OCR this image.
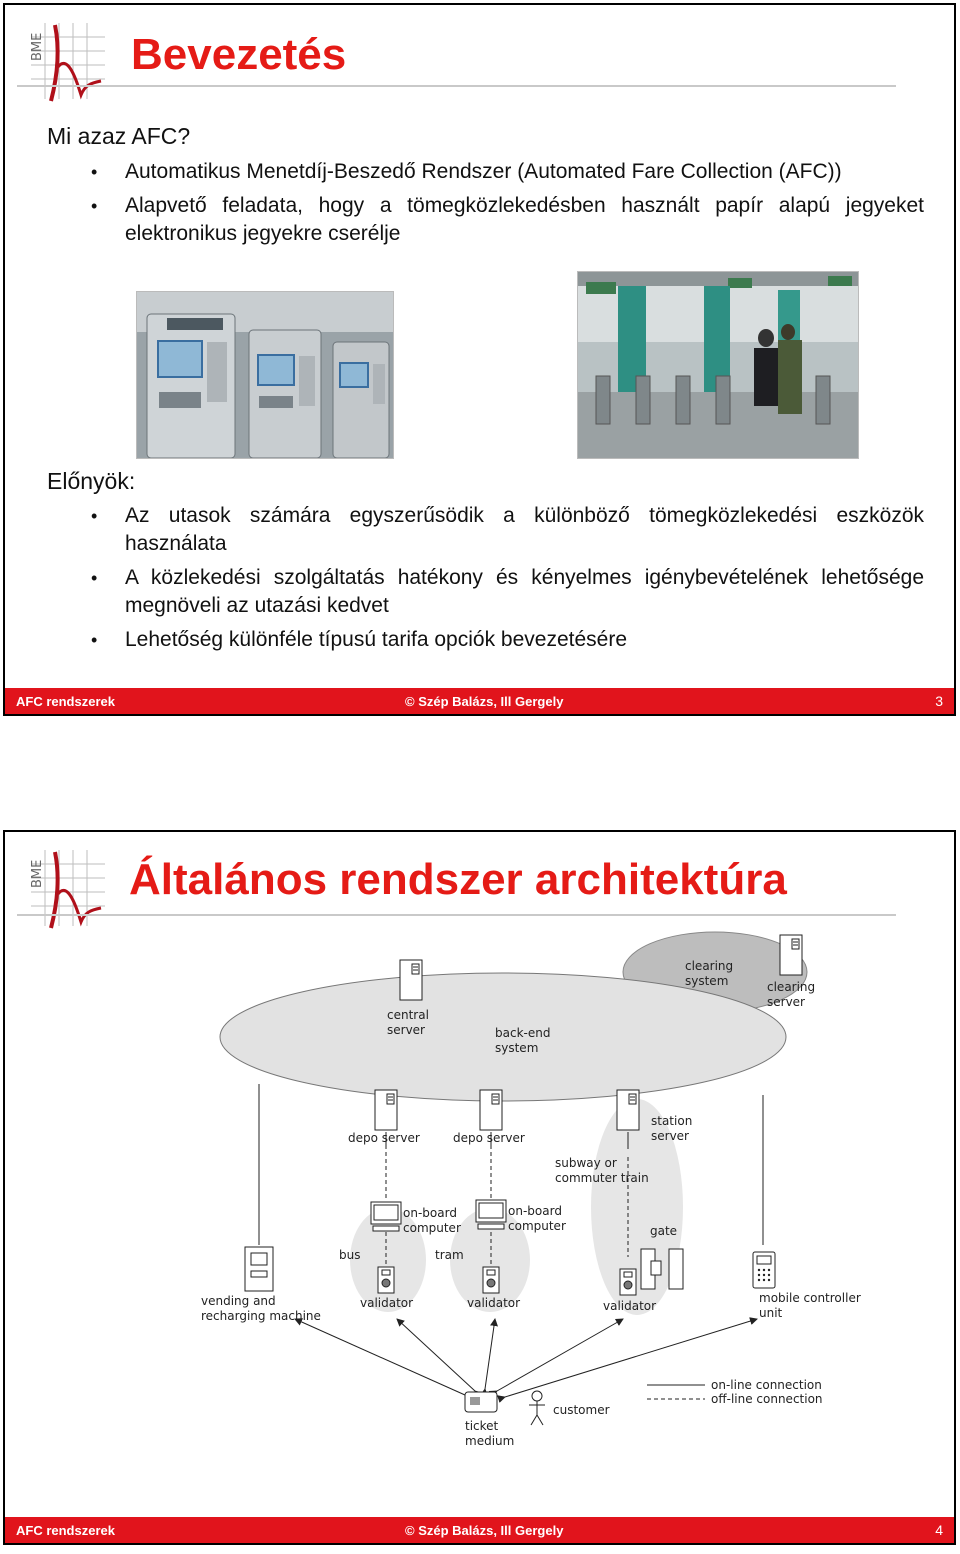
BME Bevezetés
Mi azaz AFC?
• Automatikus Menetdíj-Beszedő Rendszer (Automated Fare Collection (AFC))
• Alapvető feladata, hogy a tömegközlekedésben használt papír alapú jegyeket elektronikus jegyekre cserélje
Előnyök:
• Az utasok számára egyszerűsödik a különböző tömegközlekedési eszközök használata
• A közlekedési szolgáltatás hatékony és kényelmes igénybevételének lehetősége megnöveli az utazási kedvet
• Lehetőség különféle típusú tarifa opciók bevezetésére
AFC rendszerek	© Szép Balázs, Ill Gergely	3
BME Általános rendszer architektúra
clearing system	clearing server
central server	back-end system
depo server	depo server
station server
subway or commuter train
on-board computer
on-board computer
bus	tram
gate
validator	validator	validator
vending and recharging machine
mobile controller unit
ticket medium
customer
on-line connection
off-line connection
AFC rendszerek	© Szép Balázs, Ill Gergely	4
